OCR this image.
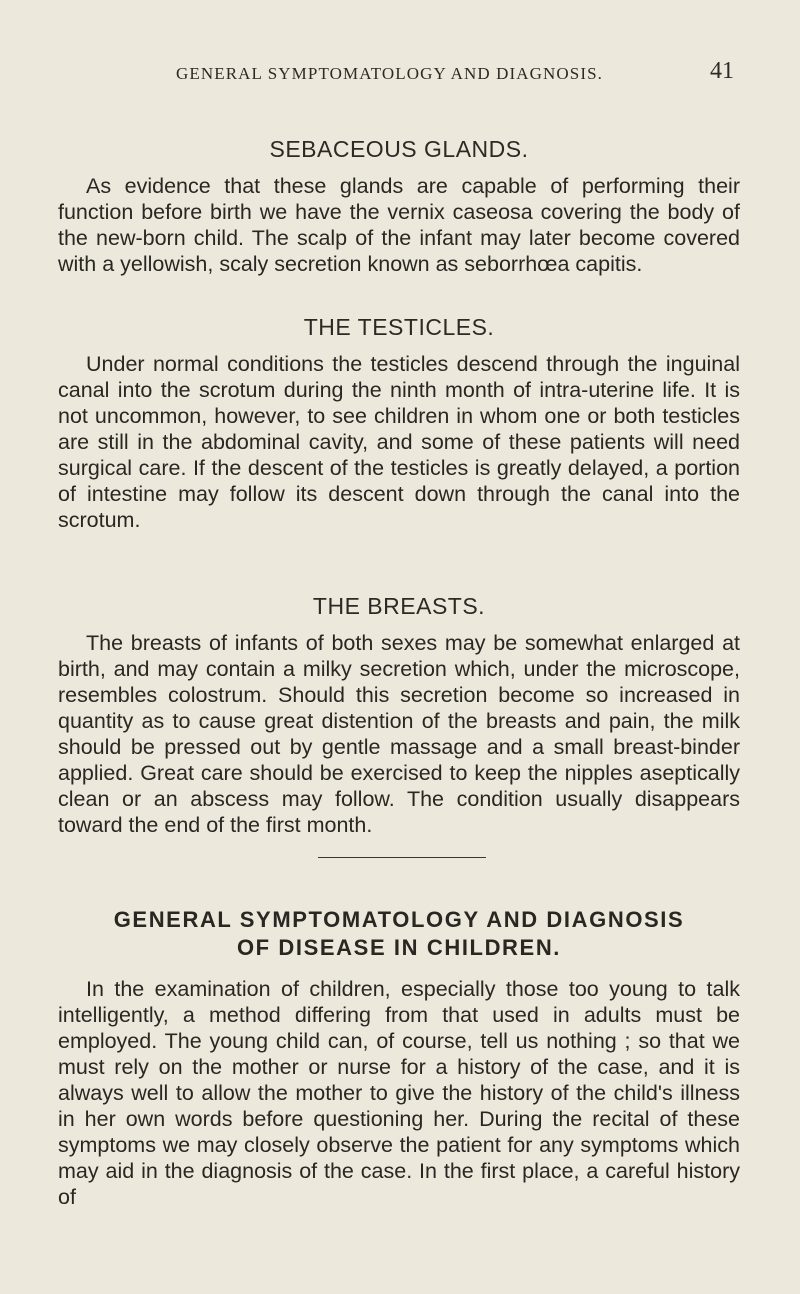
GENERAL SYMPTOMATOLOGY AND DIAGNOSIS.	41
SEBACEOUS GLANDS.

As evidence that these glands are capable of performing their function before birth we have the vernix caseosa covering the body of the new-born child. The scalp of the infant may later become covered with a yellowish, scaly secretion known as seborrhœa capitis.

THE TESTICLES.

Under normal conditions the testicles descend through the inguinal canal into the scrotum during the ninth month of intra-uterine life. It is not uncommon, however, to see children in whom one or both testicles are still in the abdominal cavity, and some of these patients will need surgical care. If the descent of the testicles is greatly delayed, a portion of intestine may follow its descent down through the canal into the scrotum.

THE BREASTS.

The breasts of infants of both sexes may be somewhat enlarged at birth, and may contain a milky secretion which, under the microscope, resembles colostrum. Should this secretion become so increased in quantity as to cause great distention of the breasts and pain, the milk should be pressed out by gentle massage and a small breast-binder applied. Great care should be exercised to keep the nipples aseptically clean or an abscess may follow. The condition usually disappears toward the end of the first month.

GENERAL SYMPTOMATOLOGY AND DIAGNOSIS
OF DISEASE IN CHILDREN.

In the examination of children, especially those too young to talk intelligently, a method differing from that used in adults must be employed. The young child can, of course, tell us nothing ; so that we must rely on the mother or nurse for a history of the case, and it is always well to allow the mother to give the history of the child's illness in her own words before questioning her. During the recital of these symptoms we may closely observe the patient for any symptoms which may aid in the diagnosis of the case. In the first place, a careful history of
